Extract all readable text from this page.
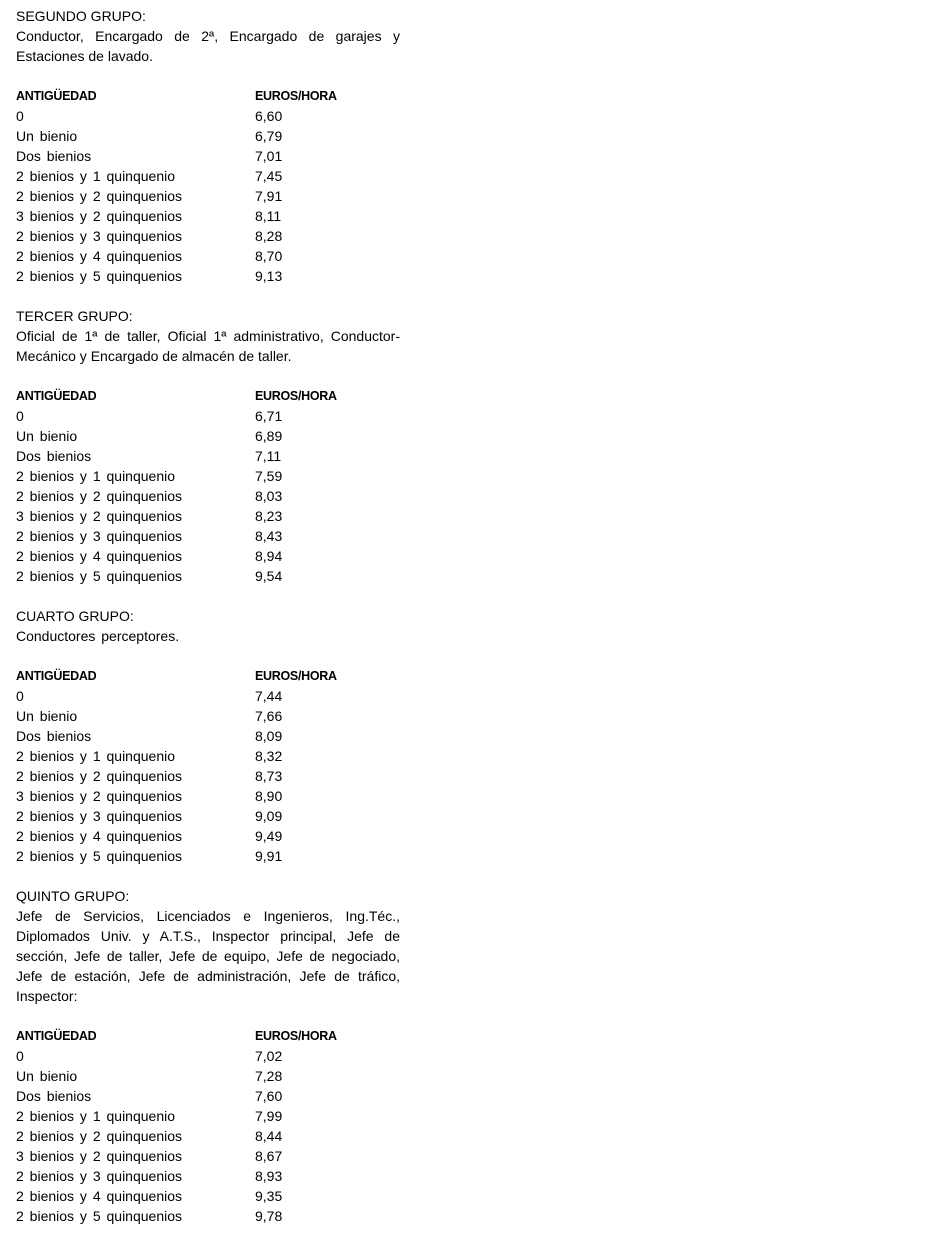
SEGUNDO GRUPO:
Conductor, Encargado de 2ª, Encargado de garajes y
Estaciones de lavado.
ANTIGÜEDAD	EUROS/HORA
0	6,60
Un bienio	6,79
Dos bienios	7,01
2 bienios y 1 quinquenio	7,45
2 bienios y 2 quinquenios	7,91
3 bienios y 2 quinquenios	8,11
2 bienios y 3 quinquenios	8,28
2 bienios y 4 quinquenios	8,70
2 bienios y 5 quinquenios	9,13
TERCER GRUPO:
Oficial de 1ª de taller, Oficial 1ª administrativo, Conductor-
Mecánico y Encargado de almacén de taller.
ANTIGÜEDAD	EUROS/HORA
0	6,71
Un bienio	6,89
Dos bienios	7,11
2 bienios y 1 quinquenio	7,59
2 bienios y 2 quinquenios	8,03
3 bienios y 2 quinquenios	8,23
2 bienios y 3 quinquenios	8,43
2 bienios y 4 quinquenios	8,94
2 bienios y 5 quinquenios	9,54
CUARTO GRUPO:
Conductores perceptores.
ANTIGÜEDAD	EUROS/HORA
0	7,44
Un bienio	7,66
Dos bienios	8,09
2 bienios y 1 quinquenio	8,32
2 bienios y 2 quinquenios	8,73
3 bienios y 2 quinquenios	8,90
2 bienios y 3 quinquenios	9,09
2 bienios y 4 quinquenios	9,49
2 bienios y 5 quinquenios	9,91
QUINTO GRUPO:
Jefe de Servicios, Licenciados e Ingenieros, Ing.Téc.,
Diplomados Univ. y A.T.S., Inspector principal, Jefe de
sección, Jefe de taller, Jefe de equipo, Jefe de negociado,
Jefe de estación, Jefe de administración, Jefe de tráfico,
Inspector:
ANTIGÜEDAD	EUROS/HORA
0	7,02
Un bienio	7,28
Dos bienios	7,60
2 bienios y 1 quinquenio	7,99
2 bienios y 2 quinquenios	8,44
3 bienios y 2 quinquenios	8,67
2 bienios y 3 quinquenios	8,93
2 bienios y 4 quinquenios	9,35
2 bienios y 5 quinquenios	9,78
